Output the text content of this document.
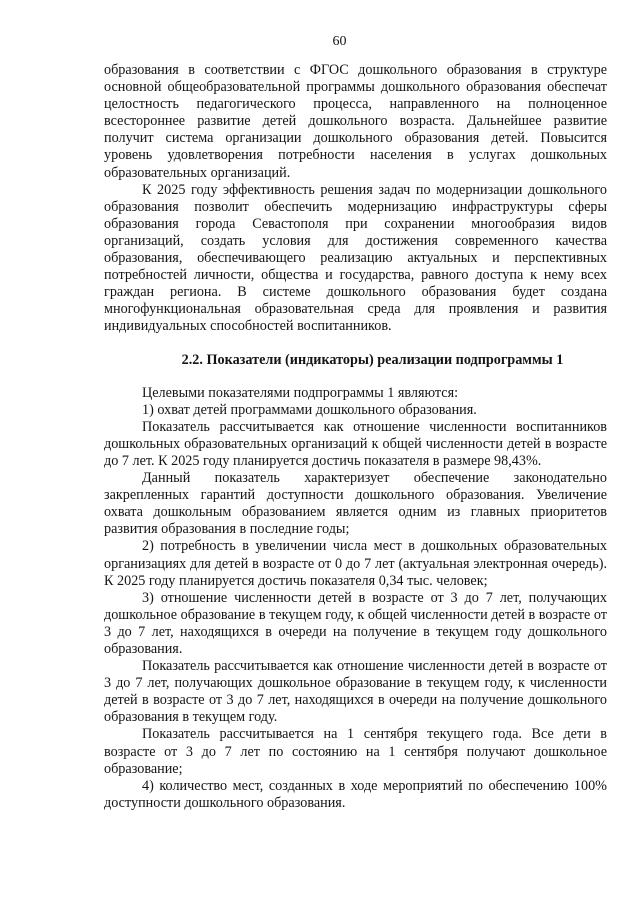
60

образования в соответствии с ФГОС дошкольного образования в структуре основной общеобразовательной программы дошкольного образования обеспечат целостность педагогического процесса, направленного на полноценное всестороннее развитие детей дошкольного возраста. Дальнейшее развитие получит система организации дошкольного образования детей. Повысится уровень удовлетворения потребности населения в услугах дошкольных образовательных организаций.

К 2025 году эффективность решения задач по модернизации дошкольного образования позволит обеспечить модернизацию инфраструктуры сферы образования города Севастополя при сохранении многообразия видов организаций, создать условия для достижения современного качества образования, обеспечивающего реализацию актуальных и перспективных потребностей личности, общества и государства, равного доступа к нему всех граждан региона. В системе дошкольного образования будет создана многофункциональная образовательная среда для проявления и развития индивидуальных способностей воспитанников.

2.2. Показатели (индикаторы) реализации подпрограммы 1

Целевыми показателями подпрограммы 1 являются:

1) охват детей программами дошкольного образования.

Показатель рассчитывается как отношение численности воспитанников дошкольных образовательных организаций к общей численности детей в возрасте до 7 лет. К 2025 году планируется достичь показателя в размере 98,43%.

Данный показатель характеризует обеспечение законодательно закрепленных гарантий доступности дошкольного образования. Увеличение охвата дошкольным образованием является одним из главных приоритетов развития образования в последние годы;

2) потребность в увеличении числа мест в дошкольных образовательных организациях для детей в возрасте от 0 до 7 лет (актуальная электронная очередь). К 2025 году планируется достичь показателя 0,34 тыс. человек;

3) отношение численности детей в возрасте от 3 до 7 лет, получающих дошкольное образование в текущем году, к общей численности детей в возрасте от 3 до 7 лет, находящихся в очереди на получение в текущем году дошкольного образования.

Показатель рассчитывается как отношение численности детей в возрасте от 3 до 7 лет, получающих дошкольное образование в текущем году, к численности детей в возрасте от 3 до 7 лет, находящихся в очереди на получение дошкольного образования в текущем году.

Показатель рассчитывается на 1 сентября текущего года. Все дети в возрасте от 3 до 7 лет по состоянию на 1 сентября получают дошкольное образование;

4) количество мест, созданных в ходе мероприятий по обеспечению 100% доступности дошкольного образования.
